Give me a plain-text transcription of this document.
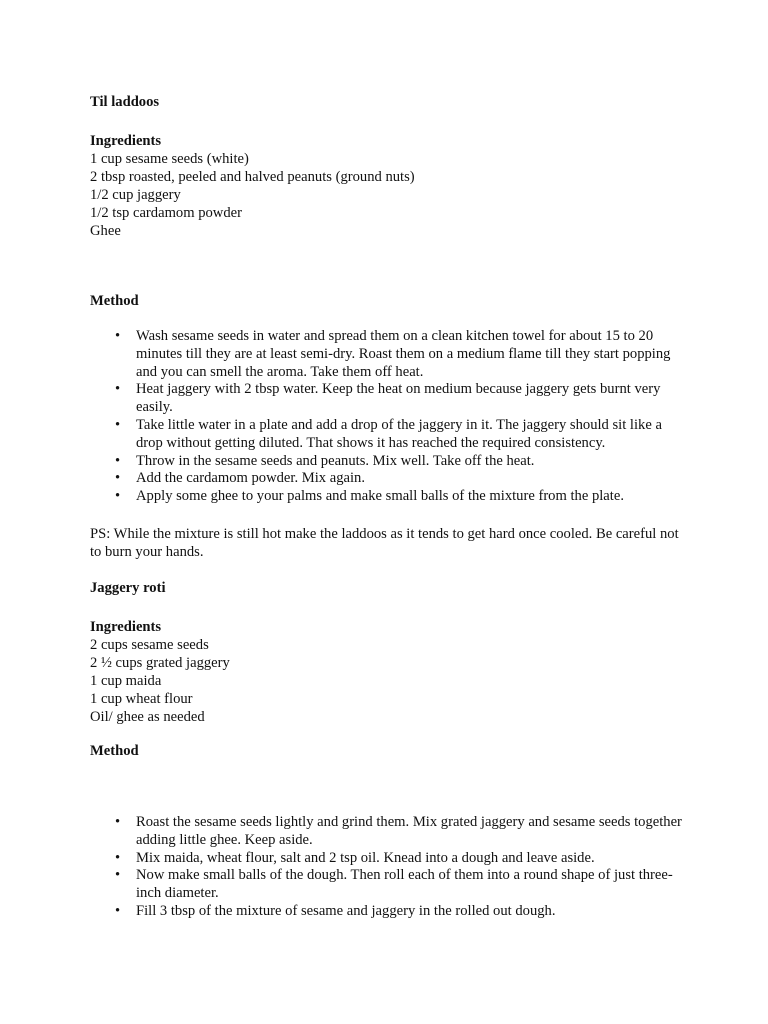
Til laddoos
Ingredients
1 cup sesame seeds (white)
2 tbsp roasted, peeled and halved peanuts (ground nuts)
1/2 cup jaggery
1/2 tsp cardamom powder
Ghee
Method
• Wash sesame seeds in water and spread them on a clean kitchen towel for about 15 to 20 minutes till they are at least semi-dry. Roast them on a medium flame till they start popping and you can smell the aroma. Take them off heat.
• Heat jaggery with 2 tbsp water. Keep the heat on medium because jaggery gets burnt very easily.
• Take little water in a plate and add a drop of the jaggery in it. The jaggery should sit like a drop without getting diluted. That shows it has reached the required consistency.
• Throw in the sesame seeds and peanuts. Mix well. Take off the heat.
• Add the cardamom powder. Mix again.
• Apply some ghee to your palms and make small balls of the mixture from the plate.
PS: While the mixture is still hot make the laddoos as it tends to get hard once cooled. Be careful not to burn your hands.
Jaggery roti
Ingredients
2 cups sesame seeds
2 ½ cups grated jaggery
1 cup maida
1 cup wheat flour
Oil/ ghee as needed
Method
• Roast the sesame seeds lightly and grind them. Mix grated jaggery and sesame seeds together adding little ghee. Keep aside.
• Mix maida, wheat flour, salt and 2 tsp oil. Knead into a dough and leave aside.
• Now make small balls of the dough. Then roll each of them into a round shape of just three-inch diameter.
• Fill 3 tbsp of the mixture of sesame and jaggery in the rolled out dough.
